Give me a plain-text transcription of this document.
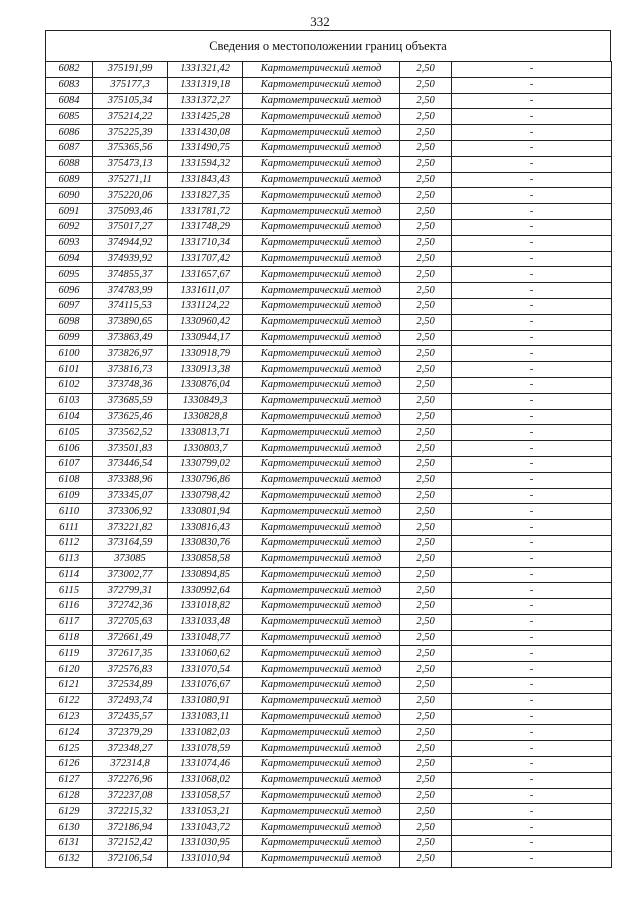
332
Сведения о местоположении границ объекта
6082	375191,99	1331321,42	Картометрический метод	2,50	-
6083	375177,3	1331319,18	Картометрический метод	2,50	-
6084	375105,34	1331372,27	Картометрический метод	2,50	-
6085	375214,22	1331425,28	Картометрический метод	2,50	-
6086	375225,39	1331430,08	Картометрический метод	2,50	-
6087	375365,56	1331490,75	Картометрический метод	2,50	-
6088	375473,13	1331594,32	Картометрический метод	2,50	-
6089	375271,11	1331843,43	Картометрический метод	2,50	-
6090	375220,06	1331827,35	Картометрический метод	2,50	-
6091	375093,46	1331781,72	Картометрический метод	2,50	-
6092	375017,27	1331748,29	Картометрический метод	2,50	-
6093	374944,92	1331710,34	Картометрический метод	2,50	-
6094	374939,92	1331707,42	Картометрический метод	2,50	-
6095	374855,37	1331657,67	Картометрический метод	2,50	-
6096	374783,99	1331611,07	Картометрический метод	2,50	-
6097	374115,53	1331124,22	Картометрический метод	2,50	-
6098	373890,65	1330960,42	Картометрический метод	2,50	-
6099	373863,49	1330944,17	Картометрический метод	2,50	-
6100	373826,97	1330918,79	Картометрический метод	2,50	-
6101	373816,73	1330913,38	Картометрический метод	2,50	-
6102	373748,36	1330876,04	Картометрический метод	2,50	-
6103	373685,59	1330849,3	Картометрический метод	2,50	-
6104	373625,46	1330828,8	Картометрический метод	2,50	-
6105	373562,52	1330813,71	Картометрический метод	2,50	-
6106	373501,83	1330803,7	Картометрический метод	2,50	-
6107	373446,54	1330799,02	Картометрический метод	2,50	-
6108	373388,96	1330796,86	Картометрический метод	2,50	-
6109	373345,07	1330798,42	Картометрический метод	2,50	-
6110	373306,92	1330801,94	Картометрический метод	2,50	-
6111	373221,82	1330816,43	Картометрический метод	2,50	-
6112	373164,59	1330830,76	Картометрический метод	2,50	-
6113	373085	1330858,58	Картометрический метод	2,50	-
6114	373002,77	1330894,85	Картометрический метод	2,50	-
6115	372799,31	1330992,64	Картометрический метод	2,50	-
6116	372742,36	1331018,82	Картометрический метод	2,50	-
6117	372705,63	1331033,48	Картометрический метод	2,50	-
6118	372661,49	1331048,77	Картометрический метод	2,50	-
6119	372617,35	1331060,62	Картометрический метод	2,50	-
6120	372576,83	1331070,54	Картометрический метод	2,50	-
6121	372534,89	1331076,67	Картометрический метод	2,50	-
6122	372493,74	1331080,91	Картометрический метод	2,50	-
6123	372435,57	1331083,11	Картометрический метод	2,50	-
6124	372379,29	1331082,03	Картометрический метод	2,50	-
6125	372348,27	1331078,59	Картометрический метод	2,50	-
6126	372314,8	1331074,46	Картометрический метод	2,50	-
6127	372276,96	1331068,02	Картометрический метод	2,50	-
6128	372237,08	1331058,57	Картометрический метод	2,50	-
6129	372215,32	1331053,21	Картометрический метод	2,50	-
6130	372186,94	1331043,72	Картометрический метод	2,50	-
6131	372152,42	1331030,95	Картометрический метод	2,50	-
6132	372106,54	1331010,94	Картометрический метод	2,50	-
